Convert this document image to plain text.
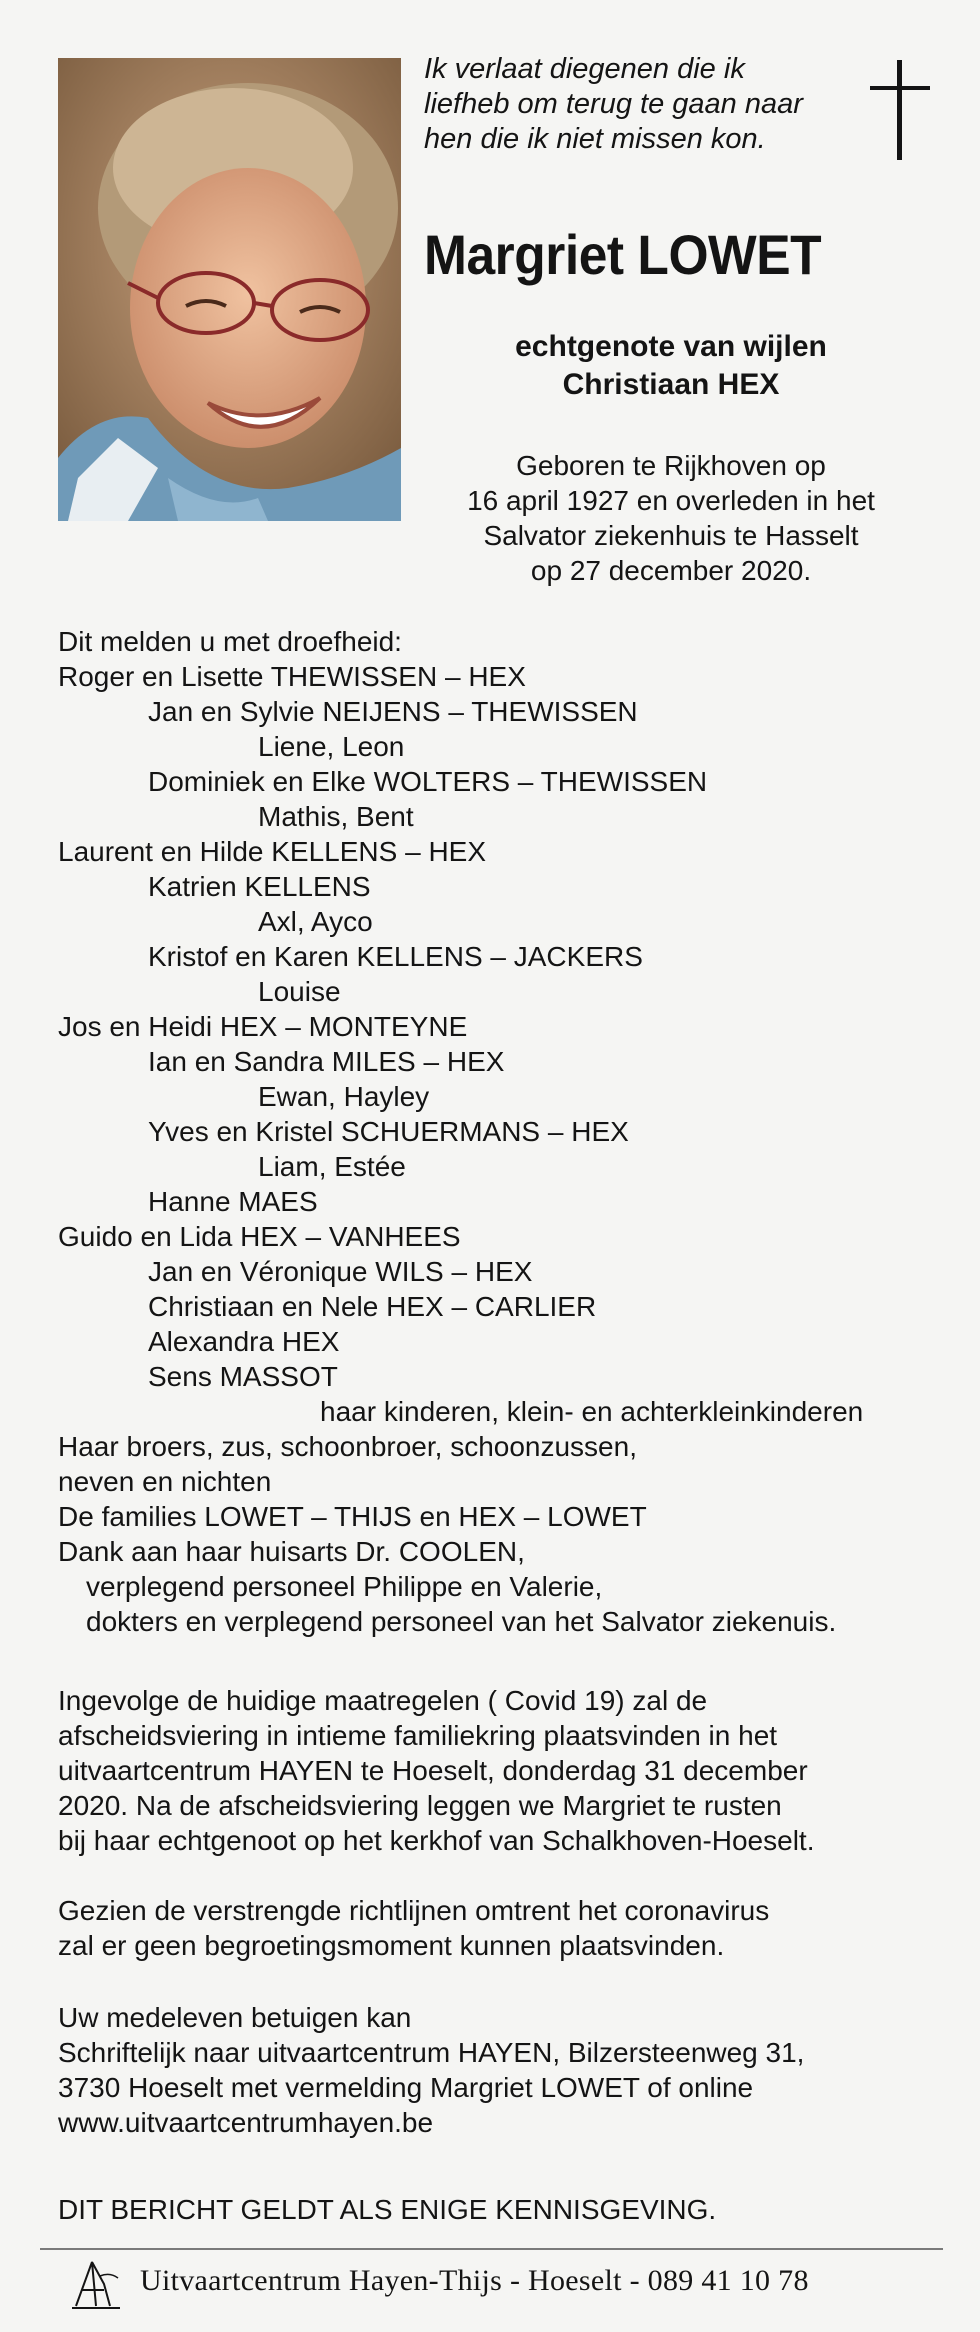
Ik verlaat diegenen die ik
liefheb om terug te gaan naar
hen die ik niet missen kon.
Margriet LOWET
echtgenote van wijlen
Christiaan HEX
Geboren te Rijkhoven op
16 april 1927 en overleden in het
Salvator ziekenhuis te Hasselt
op 27 december 2020.
Dit melden u met droefheid:
Roger en Lisette THEWISSEN – HEX
Jan en Sylvie NEIJENS – THEWISSEN
Liene, Leon
Dominiek en Elke WOLTERS – THEWISSEN
Mathis, Bent
Laurent en Hilde KELLENS – HEX
Katrien KELLENS
Axl, Ayco
Kristof en Karen KELLENS – JACKERS
Louise
Jos en Heidi HEX – MONTEYNE
Ian en Sandra MILES – HEX
Ewan, Hayley
Yves en Kristel SCHUERMANS – HEX
Liam, Estée
Hanne MAES
Guido en Lida HEX – VANHEES
Jan en Véronique WILS – HEX
Christiaan en Nele HEX – CARLIER
Alexandra HEX
Sens MASSOT
haar kinderen, klein- en achterkleinkinderen
Haar broers, zus, schoonbroer, schoonzussen,
neven en nichten
De families LOWET – THIJS en HEX – LOWET
Dank aan haar huisarts Dr. COOLEN,
verplegend personeel Philippe en Valerie,
dokters en verplegend personeel van het Salvator ziekenuis.
Ingevolge de huidige maatregelen ( Covid 19) zal de
afscheidsviering in intieme familiekring plaatsvinden in het
uitvaartcentrum HAYEN te Hoeselt, donderdag 31 december
2020. Na de afscheidsviering leggen we Margriet te rusten
bij haar echtgenoot op het kerkhof van Schalkhoven-Hoeselt.
Gezien de verstrengde richtlijnen omtrent het coronavirus
zal er geen begroetingsmoment kunnen plaatsvinden.
Uw medeleven betuigen kan
Schriftelijk naar uitvaartcentrum HAYEN, Bilzersteenweg 31,
3730 Hoeselt met vermelding Margriet LOWET of online
www.uitvaartcentrumhayen.be
DIT BERICHT GELDT ALS ENIGE KENNISGEVING.
Uitvaartcentrum Hayen-Thijs - Hoeselt - 089 41 10 78
